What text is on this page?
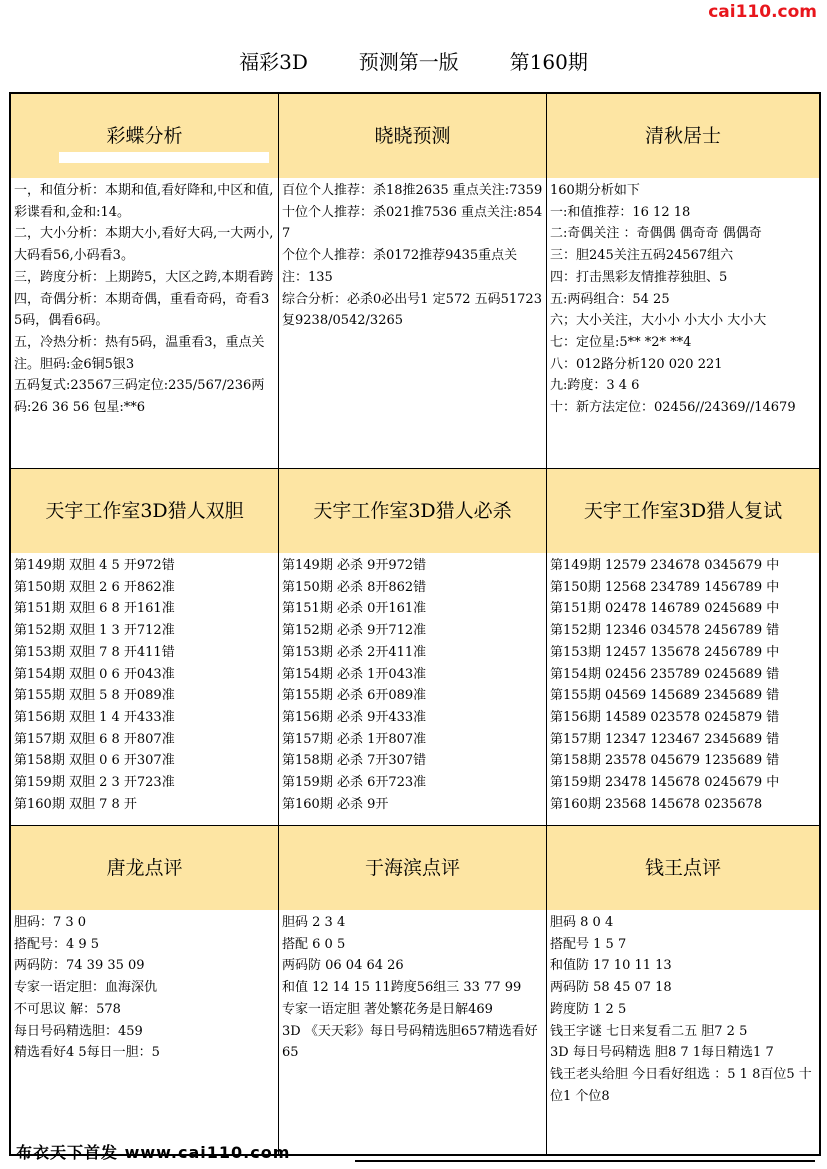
cai110.com
福彩3D        预测第一版        第160期
彩蝶分析
一，和值分析：本期和值,看好降和,中区和值,彩谍看和,金和:14。
二，大小分析：本期大小,看好大码,一大两小,大码看56,小码看3。
三，跨度分析：上期跨5，大区之跨,本期看跨
四，奇偶分析：本期奇偶，重看奇码，奇看35码，偶看6码。
五，冷热分析：热有5码，温重看3，重点关注。胆码:金6铜5银3
五码复式:23567三码定位:235/567/236两码:26 36 56 包星:**6
晓晓预测
百位个人推荐：杀18推2635 重点关注:7359
十位个人推荐：杀021推7536 重点关注:8547
个位个人推荐：杀0172推荐9435重点关注：135
综合分析：必杀0必出号1 定572 五码51723
复9238/0542/3265
清秋居士
160期分析如下
一:和值推荐：16 12 18
二:奇偶关注 ：奇偶偶 偶奇奇 偶偶奇
三：胆245关注五码24567组六
四：打击黑彩友情推荐独胆、5
五:两码组合：54 25
六；大小关注，大小小 小大小 大小大
七：定位星:5** *2* **4
八：012路分析120 020 221
九:跨度：3 4 6
十：新方法定位：02456//24369//14679
天宇工作室3D猎人双胆
第149期 双胆 4 5 开972错
第150期 双胆 2 6 开862准
第151期 双胆 6 8 开161准
第152期 双胆 1 3 开712准
第153期 双胆 7 8 开411错
第154期 双胆 0 6 开043准
第155期 双胆 5 8 开089准
第156期 双胆 1 4 开433准
第157期 双胆 6 8 开807准
第158期 双胆 0 6 开307准
第159期 双胆 2 3 开723准
第160期 双胆 7 8 开
天宇工作室3D猎人必杀
第149期 必杀 9开972错
第150期 必杀 8开862错
第151期 必杀 0开161准
第152期 必杀 9开712准
第153期 必杀 2开411准
第154期 必杀 1开043准
第155期 必杀 6开089准
第156期 必杀 9开433准
第157期 必杀 1开807准
第158期 必杀 7开307错
第159期 必杀 6开723准
第160期 必杀 9开
天宇工作室3D猎人复试
第149期 12579 234678 0345679 中
第150期 12568 234789 1456789 中
第151期 02478 146789 0245689 中
第152期 12346 034578 2456789 错
第153期 12457 135678 2456789 中
第154期 02456 235789 0245689 错
第155期 04569 145689 2345689 错
第156期 14589 023578 0245879 错
第157期 12347 123467 2345689 错
第158期 23578 045679 1235689 错
第159期 23478 145678 0245679 中
第160期 23568 145678 0235678
唐龙点评
胆码：7 3 0
搭配号：4 9 5
两码防：74 39 35 09
专家一语定胆：血海深仇
不可思议 解：578
每日号码精选胆：459
精选看好4 5每日一胆：5
于海滨点评
胆码 2 3 4
搭配 6 0 5
两码防 06 04 64 26
和值 12 14 15 11跨度56组三 33 77 99
专家一语定胆 著处繁花务是日解469
3D 《天天彩》每日号码精选胆657精选看好65
钱王点评
胆码 8 0 4
搭配号 1 5 7
和值防 17 10 11 13
两码防 58 45 07 18
跨度防 1 2 5
钱王字谜 七日来复看二五 胆7 2 5
3D 每日号码精选 胆8 7 1每日精选1 7
钱王老头给胆 今日看好组选 ：5 1 8百位5 十位1 个位8
布衣天下首发 www.cai110.com
